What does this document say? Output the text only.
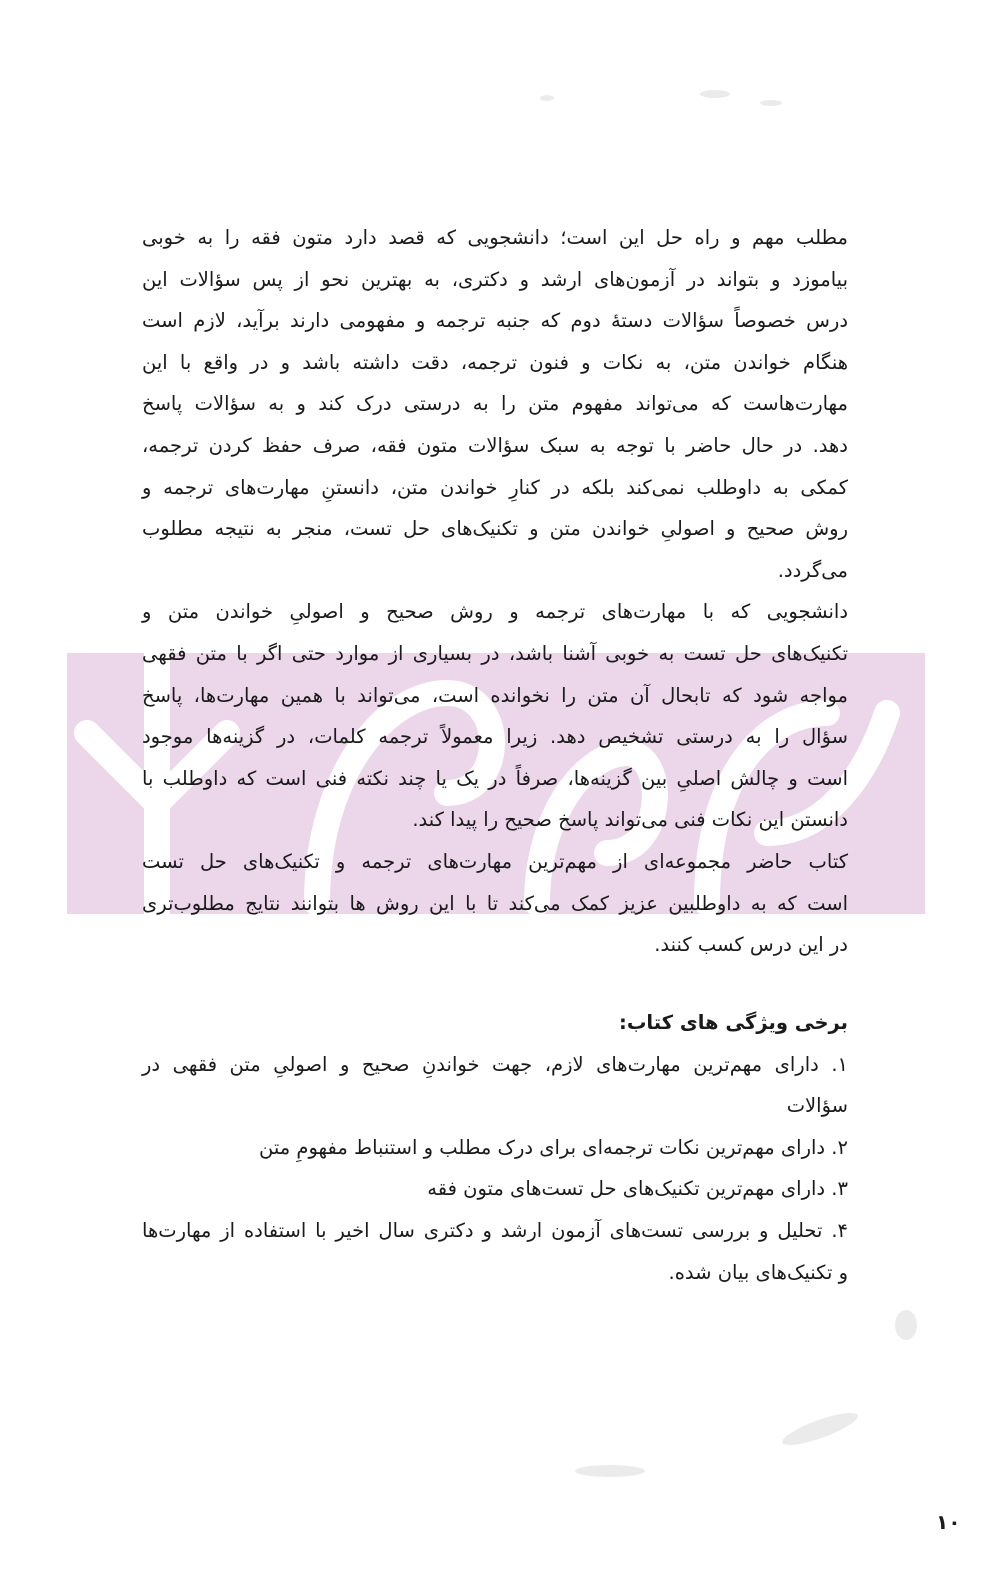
مطلب مهم و راه حل این است؛ دانشجویی که قصد دارد متون فقه را به خوبی
بیاموزد و بتواند در آزمون‌های ارشد و دکتری، به بهترین نحو از پس سؤالات این
درس خصوصاً سؤالات دستهٔ دوم که جنبه ترجمه و مفهومی دارند برآید، لازم است
هنگام خواندن متن، به نکات و فنون ترجمه، دقت داشته باشد و در واقع با این
مهارت‌هاست که می‌تواند مفهوم متن را به درستی درک کند و به سؤالات پاسخ
دهد. در حال حاضر با توجه به سبک سؤالات متون فقه، صرف حفظ کردن ترجمه،
کمکی به داوطلب نمی‌کند بلکه در کنارِ خواندن متن، دانستنِ مهارت‌های ترجمه و
روش صحیح و اصولیِ خواندن متن و تکنیک‌های حل تست، منجر به نتیجه مطلوب
می‌گردد.
دانشجویی که با مهارت‌های ترجمه و روش صحیح و اصولیِ خواندن متن و
تکنیک‌های حل تست به خوبی آشنا باشد، در بسیاری از موارد حتی اگر با متن فقهی
مواجه شود که تابحال آن متن را نخوانده است، می‌تواند با همین مهارت‌ها، پاسخ
سؤال را به درستی تشخیص دهد. زیرا معمولاً ترجمه کلمات، در گزینه‌ها موجود
است و چالش اصلیِ بین گزینه‌ها، صرفاً در یک یا چند نکته فنی است که داوطلب با
دانستن این نکات فنی می‌تواند پاسخ صحیح را پیدا کند.
کتاب حاضر مجموعه‌ای از مهم‌ترین مهارت‌های ترجمه و تکنیک‌های حل تست
است که به داوطلبین عزیز کمک می‌کند تا با این روش ها بتوانند نتایج مطلوب‌تری
در این درس کسب کنند.
برخی ویژگی های کتاب:
۱. دارای مهم‌ترین مهارت‌های لازم، جهت خواندنِ صحیح و اصولیِ متن فقهی در
سؤالات
۲. دارای مهم‌ترین نکات ترجمه‌ای برای درک مطلب و استنباط مفهومِ متن
۳. دارای مهم‌ترین تکنیک‌های حل تست‌های متون فقه
۴. تحلیل و بررسی تست‌های آزمون ارشد و دکتری سال اخیر با استفاده از مهارت‌ها
و تکنیک‌های بیان شده.
۱۰
